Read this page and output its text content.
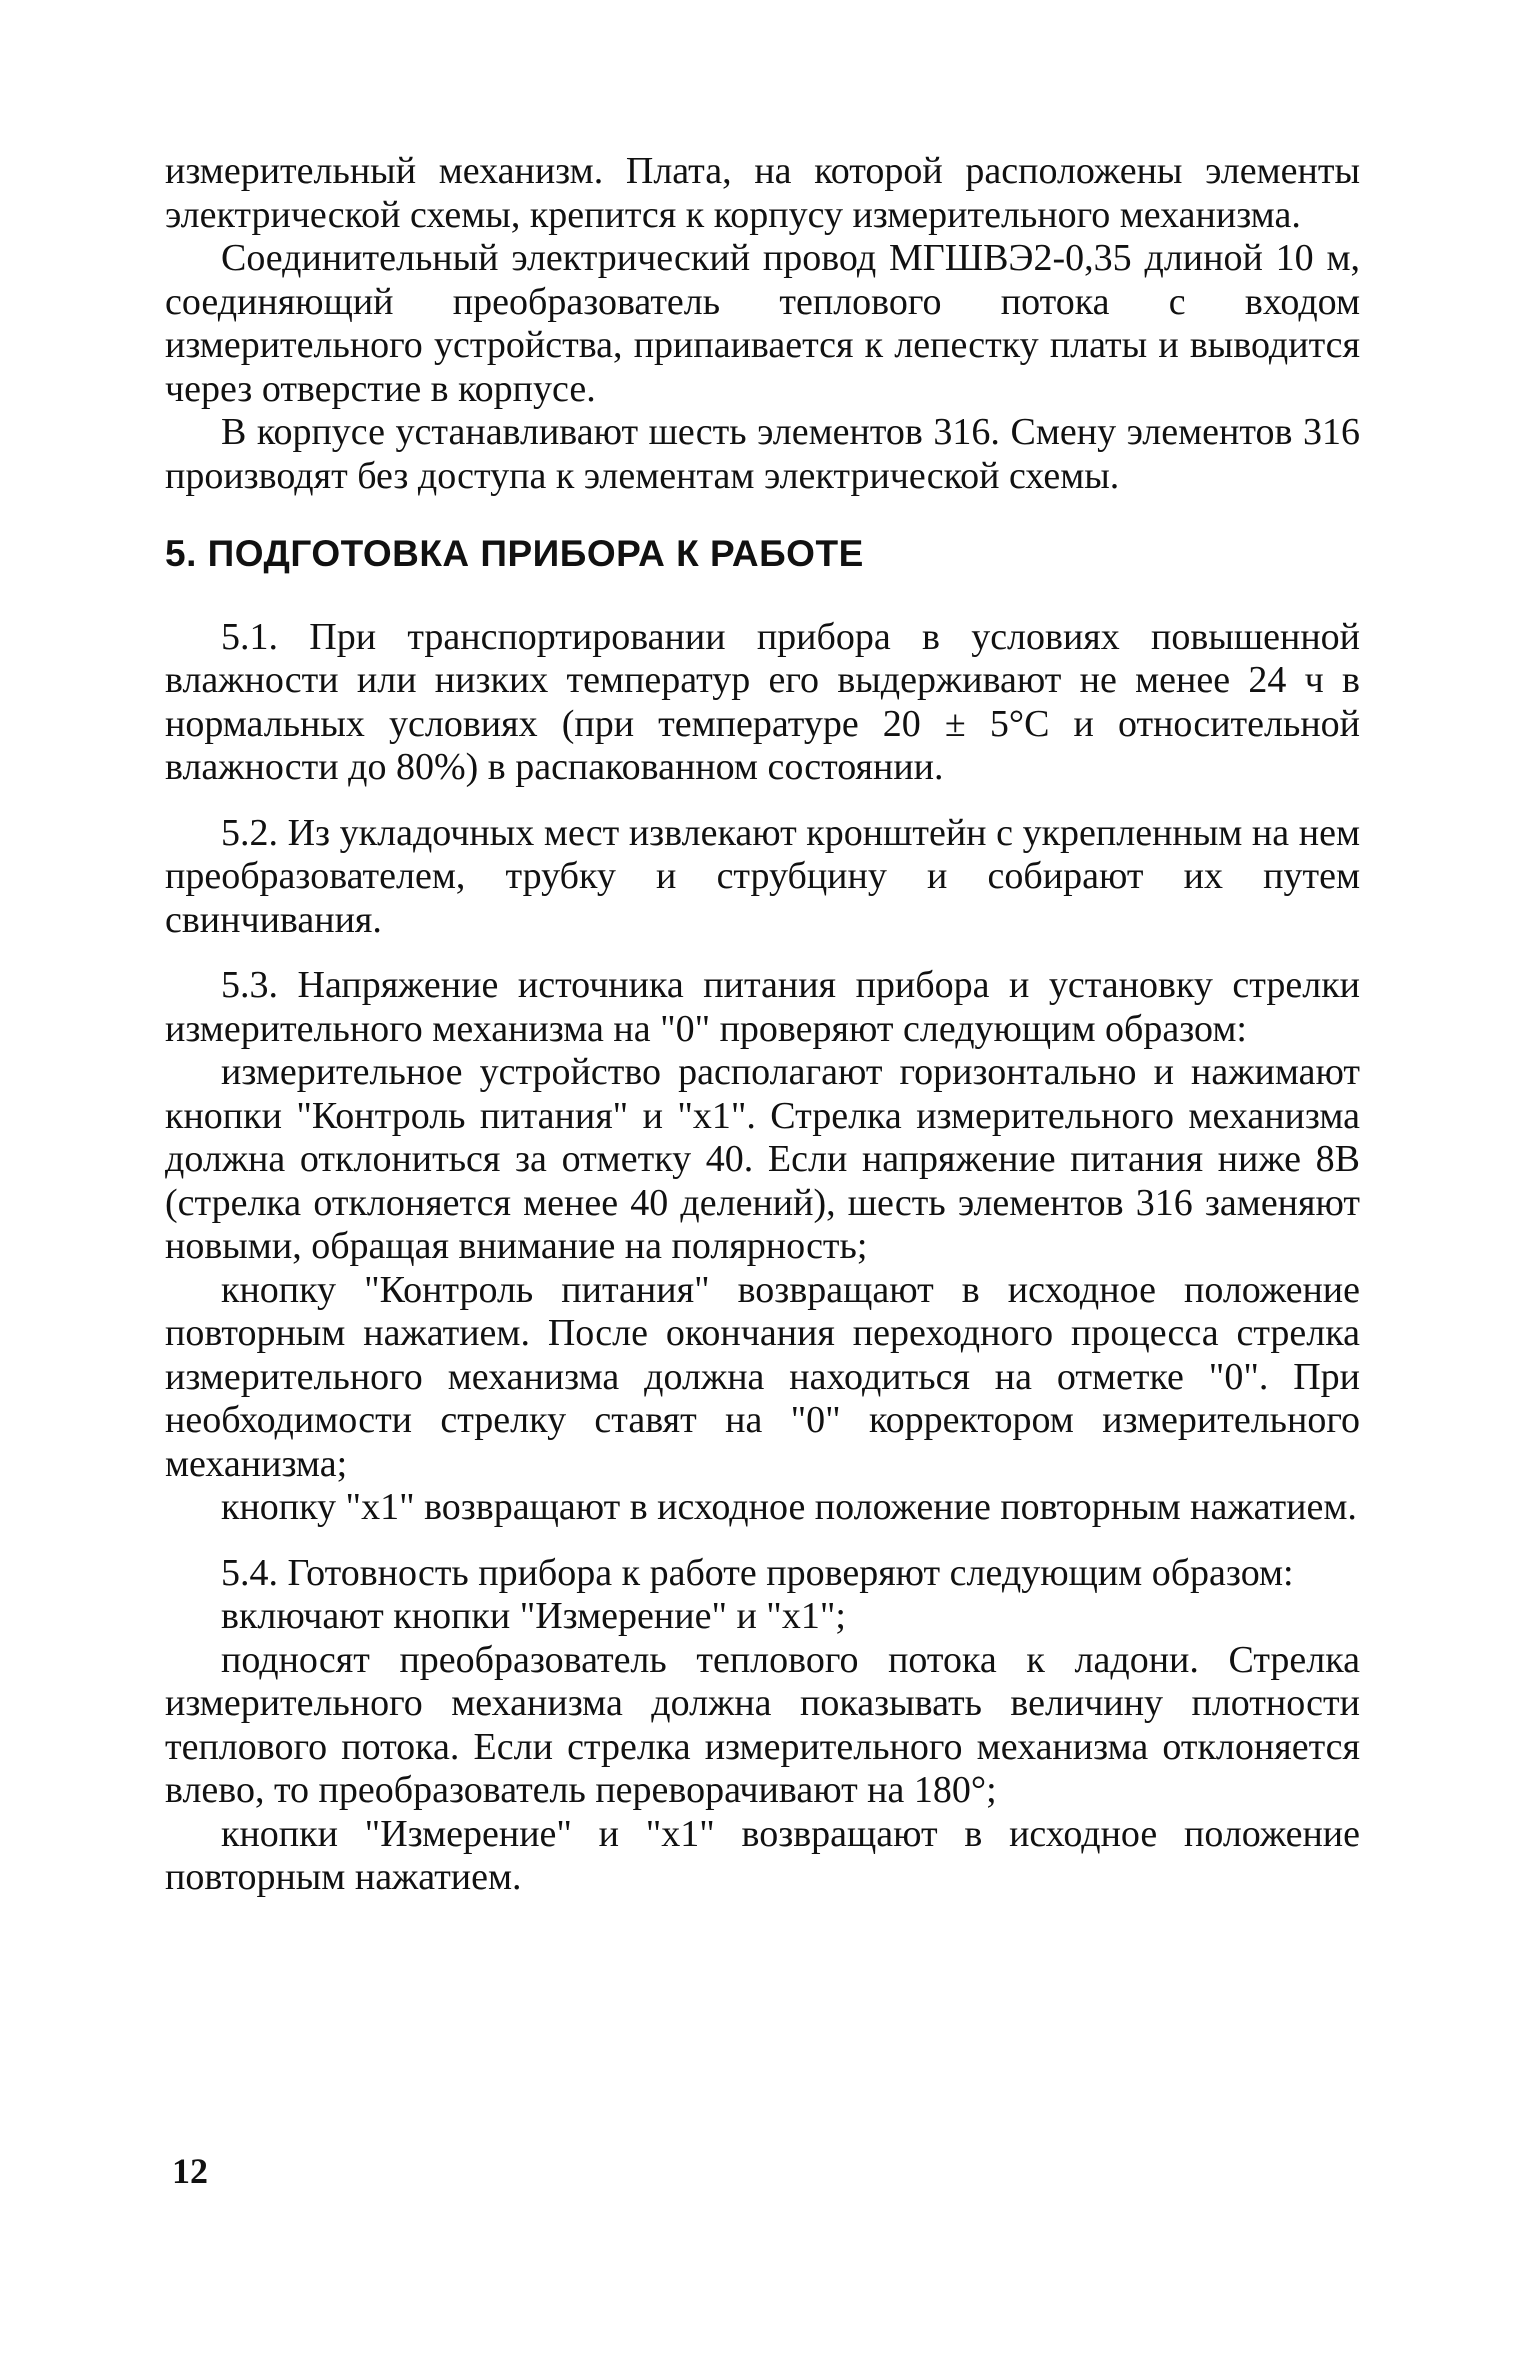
измерительный механизм. Плата, на которой расположены элементы электрической схемы, крепится к корпусу измерительного механизма.

Соединительный электрический провод МГШВЭ2-0,35 длиной 10 м, соединяющий преобразователь теплового потока с входом измерительного устройства, припаивается к лепестку платы и выводится через отверстие в корпусе.

В корпусе устанавливают шесть элементов 316. Смену элементов 316 производят без доступа к элементам электрической схемы.

5. ПОДГОТОВКА ПРИБОРА К РАБОТЕ

5.1. При транспортировании прибора в условиях повышенной влажности или низких температур его выдерживают не менее 24 ч в нормальных условиях (при температуре 20 ± 5°С и относительной влажности до 80%) в распакованном состоянии.

5.2. Из укладочных мест извлекают кронштейн с укрепленным на нем преобразователем, трубку и струбцину и собирают их путем свинчивания.

5.3. Напряжение источника питания прибора и установку стрелки измерительного механизма на "0" проверяют следующим образом:

измерительное устройство располагают горизонтально и нажимают кнопки "Контроль питания" и "x1". Стрелка измерительного механизма должна отклониться за отметку 40. Если напряжение питания ниже 8В (стрелка отклоняется менее 40 делений), шесть элементов 316 заменяют новыми, обращая внимание на полярность;

кнопку "Контроль питания" возвращают в исходное положение повторным нажатием. После окончания переходного процесса стрелка измерительного механизма должна находиться на отметке "0". При необходимости стрелку ставят на "0" корректором измерительного механизма;

кнопку "x1" возвращают в исходное положение повторным нажатием.

5.4. Готовность прибора к работе проверяют следующим образом:

включают кнопки "Измерение" и "x1";

подносят преобразователь теплового потока к ладони. Стрелка измерительного механизма должна показывать величину плотности теплового потока. Если стрелка измерительного механизма отклоняется влево, то преобразователь переворачивают на 180°;

кнопки "Измерение" и "x1" возвращают в исходное положение повторным нажатием.

12
